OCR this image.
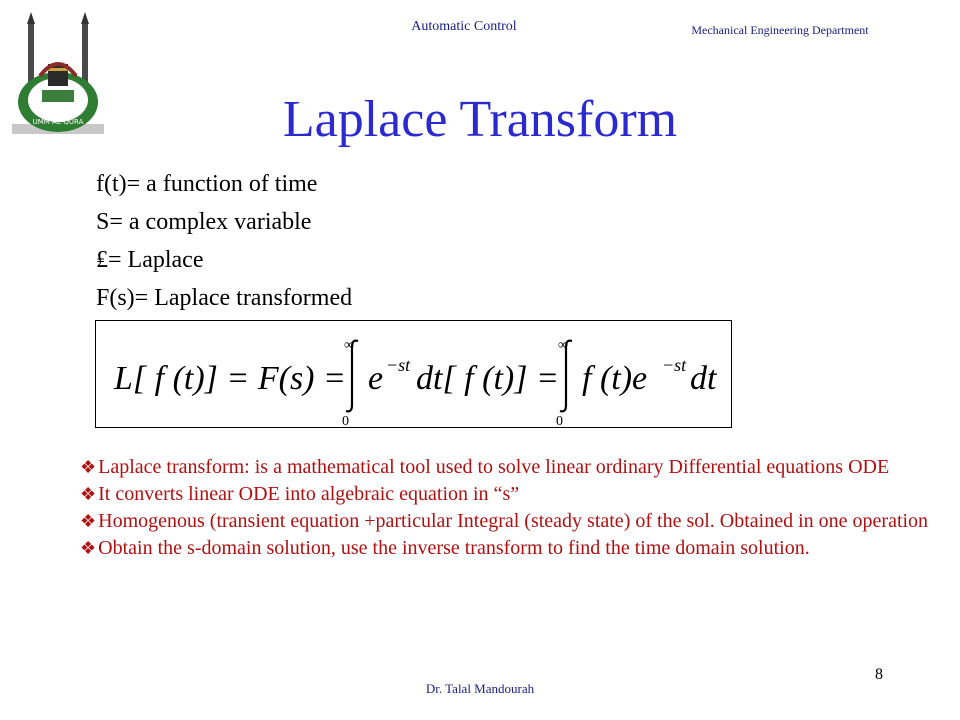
UMM AL-QURA
Automatic Control	Mechanical Engineering Department
Laplace Transform
f(t)= a function of time
S= a complex variable
₤= Laplace
F(s)= Laplace transformed
L[ f (t)] = F(s) =
∞
0
e −st dt[ f (t)] =
∞
0
f (t)e −st dt

❖ Laplace transform: is a mathematical tool used to solve linear ordinary Differential equations ODE

❖ It converts linear ODE into algebraic equation in “s”

❖ Homogenous (transient equation +particular Integral (steady state) of the sol. Obtained in one operation

❖ Obtain the s-domain solution, use the inverse transform to find the time domain solution.

Dr. Talal Mandourah
8
